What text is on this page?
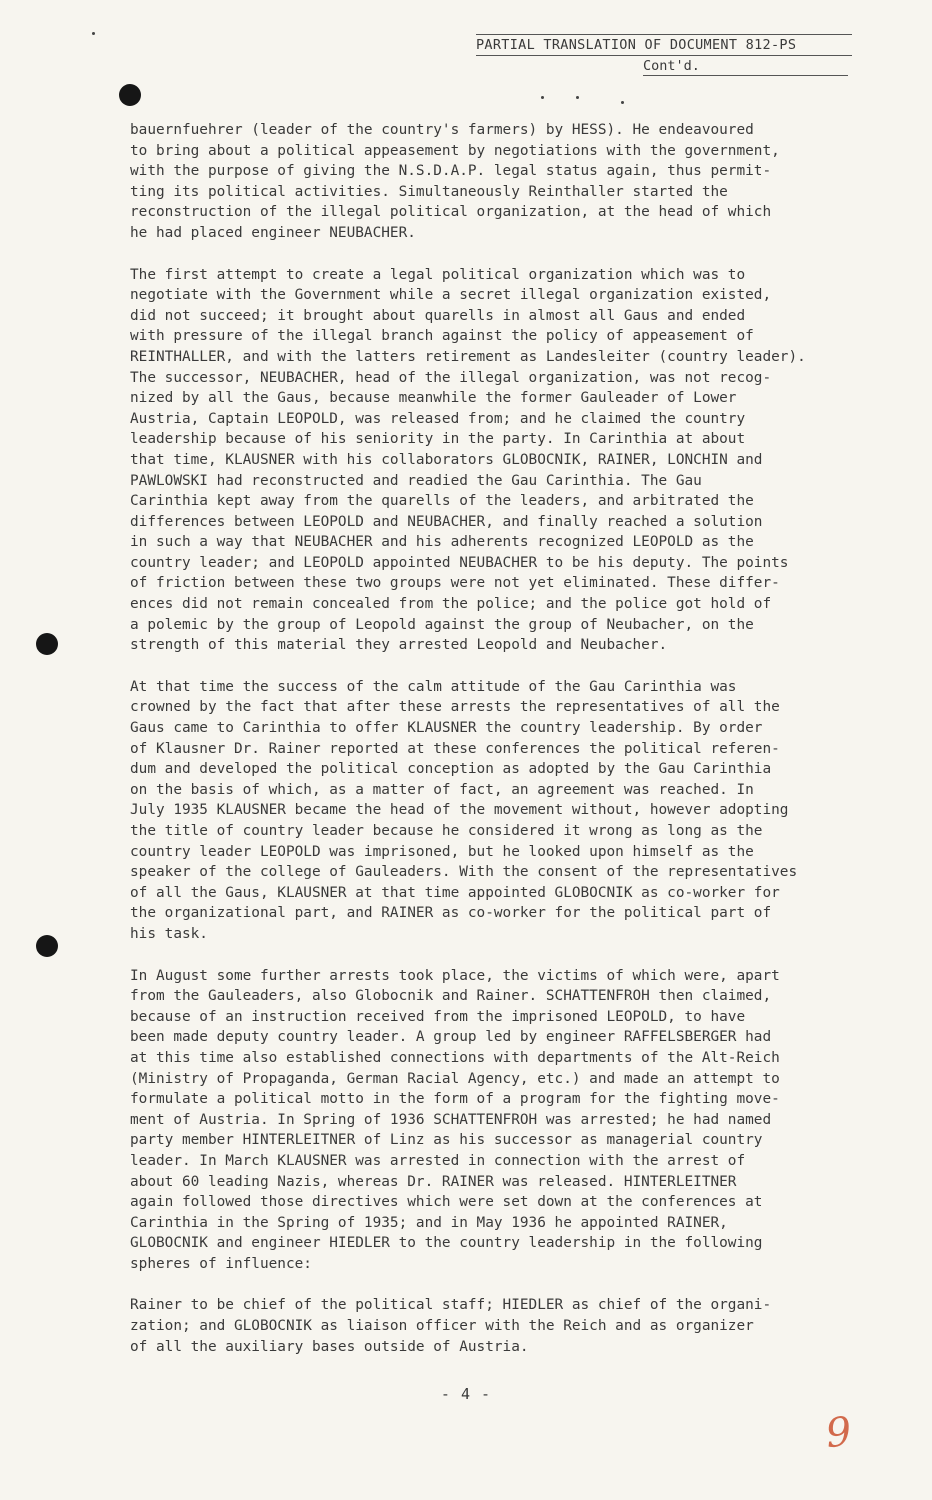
PARTIAL TRANSLATION OF DOCUMENT 812-PS
Cont'd.

bauernfuehrer (leader of the country's farmers) by HESS). He endeavoured
to bring about a political appeasement by negotiations with the government,
with the purpose of giving the N.S.D.A.P. legal status again, thus permit-
ting its political activities. Simultaneously Reinthaller started the
reconstruction of the illegal political organization, at the head of which
he had placed engineer NEUBACHER.

The first attempt to create a legal political organization which was to
negotiate with the Government while a secret illegal organization existed,
did not succeed; it brought about quarells in almost all Gaus and ended
with pressure of the illegal branch against the policy of appeasement of
REINTHALLER, and with the latters retirement as Landesleiter (country leader).
The successor, NEUBACHER, head of the illegal organization, was not recog-
nized by all the Gaus, because meanwhile the former Gauleader of Lower
Austria, Captain LEOPOLD, was released from; and he claimed the country
leadership because of his seniority in the party. In Carinthia at about
that time, KLAUSNER with his collaborators GLOBOCNIK, RAINER, LONCHIN and
PAWLOWSKI had reconstructed and readied the Gau Carinthia. The Gau
Carinthia kept away from the quarells of the leaders, and arbitrated the
differences between LEOPOLD and NEUBACHER, and finally reached a solution
in such a way that NEUBACHER and his adherents recognized LEOPOLD as the
country leader; and LEOPOLD appointed NEUBACHER to be his deputy. The points
of friction between these two groups were not yet eliminated. These differ-
ences did not remain concealed from the police; and the police got hold of
a polemic by the group of Leopold against the group of Neubacher, on the
strength of this material they arrested Leopold and Neubacher.

At that time the success of the calm attitude of the Gau Carinthia was
crowned by the fact that after these arrests the representatives of all the
Gaus came to Carinthia to offer KLAUSNER the country leadership. By order
of Klausner Dr. Rainer reported at these conferences the political referen-
dum and developed the political conception as adopted by the Gau Carinthia
on the basis of which, as a matter of fact, an agreement was reached. In
July 1935 KLAUSNER became the head of the movement without, however adopting
the title of country leader because he considered it wrong as long as the
country leader LEOPOLD was imprisoned, but he looked upon himself as the
speaker of the college of Gauleaders. With the consent of the representatives
of all the Gaus, KLAUSNER at that time appointed GLOBOCNIK as co-worker for
the organizational part, and RAINER as co-worker for the political part of
his task.

In August some further arrests took place, the victims of which were, apart
from the Gauleaders, also Globocnik and Rainer. SCHATTENFROH then claimed,
because of an instruction received from the imprisoned LEOPOLD, to have
been made deputy country leader. A group led by engineer RAFFELSBERGER had
at this time also established connections with departments of the Alt-Reich
(Ministry of Propaganda, German Racial Agency, etc.) and made an attempt to
formulate a political motto in the form of a program for the fighting move-
ment of Austria. In Spring of 1936 SCHATTENFROH was arrested; he had named
party member HINTERLEITNER of Linz as his successor as managerial country
leader. In March KLAUSNER was arrested in connection with the arrest of
about 60 leading Nazis, whereas Dr. RAINER was released. HINTERLEITNER
again followed those directives which were set down at the conferences at
Carinthia in the Spring of 1935; and in May 1936 he appointed RAINER,
GLOBOCNIK and engineer HIEDLER to the country leadership in the following
spheres of influence:

Rainer to be chief of the political staff; HIEDLER as chief of the organi-
zation; and GLOBOCNIK as liaison officer with the Reich and as organizer
of all the auxiliary bases outside of Austria.

- 4 -
9
